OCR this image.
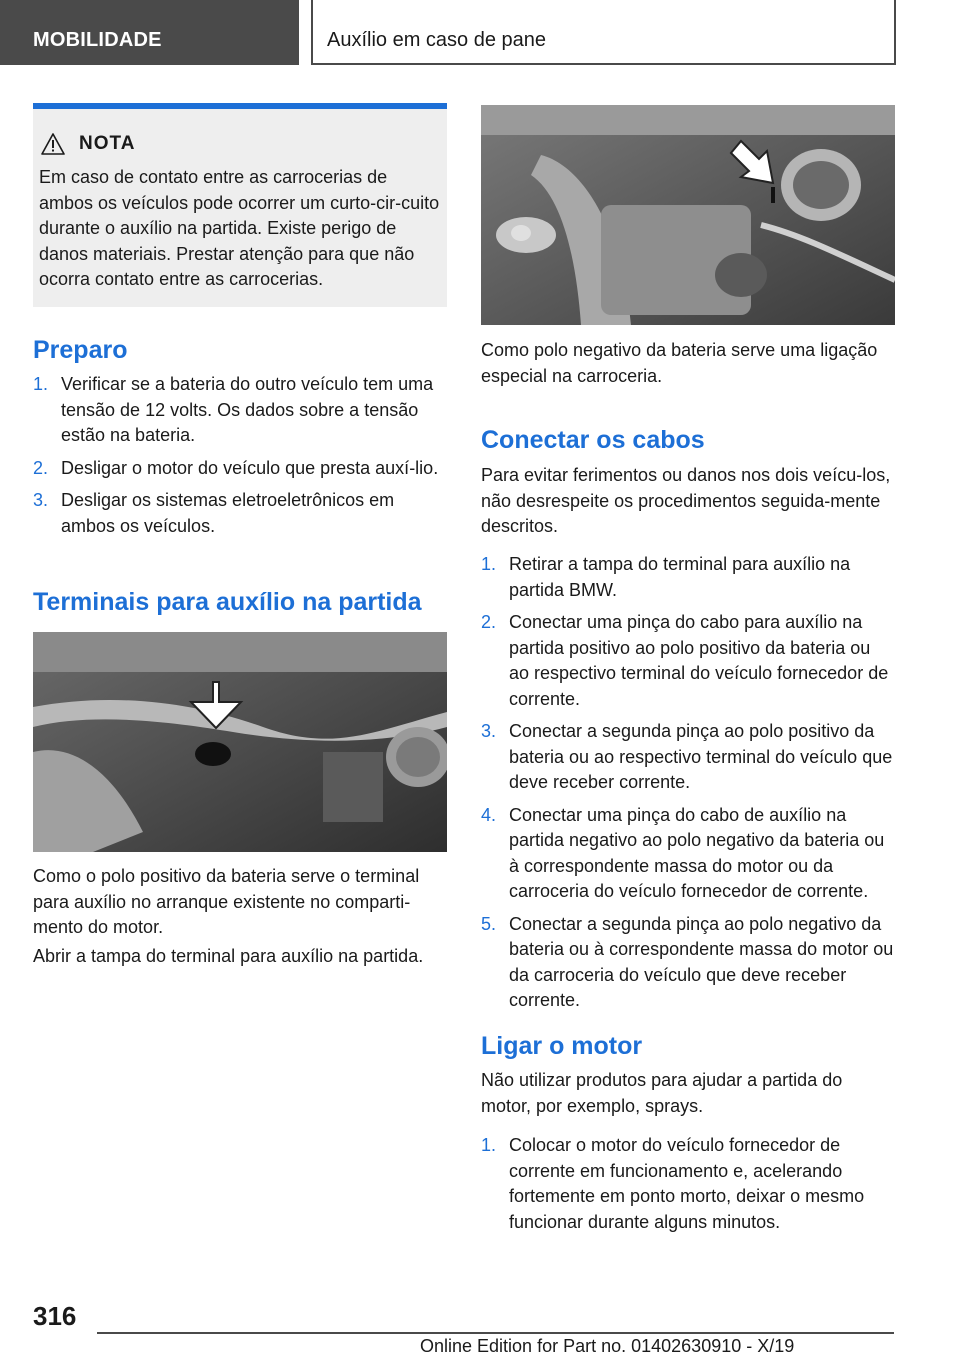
MOBILIDADE	Auxílio em caso de pane
NOTA
Em caso de contato entre as carrocerias de ambos os veículos pode ocorrer um curto-cir-cuito durante o auxílio na partida. Existe perigo de danos materiais. Prestar atenção para que não ocorra contato entre as carrocerias.
Preparo
1. Verificar se a bateria do outro veículo tem uma tensão de 12 volts. Os dados sobre a tensão estão na bateria.
2. Desligar o motor do veículo que presta auxí-lio.
3. Desligar os sistemas eletroeletrônicos em ambos os veículos.
Terminais para auxílio na partida
Como o polo positivo da bateria serve o terminal para auxílio no arranque existente no comparti-mento do motor.
Abrir a tampa do terminal para auxílio na partida.
Como polo negativo da bateria serve uma ligação especial na carroceria.
Conectar os cabos
Para evitar ferimentos ou danos nos dois veícu-los, não desrespeite os procedimentos seguida-mente descritos.
1. Retirar a tampa do terminal para auxílio na partida BMW.
2. Conectar uma pinça do cabo para auxílio na partida positivo ao polo positivo da bateria ou ao respectivo terminal do veículo fornecedor de corrente.
3. Conectar a segunda pinça ao polo positivo da bateria ou ao respectivo terminal do veículo que deve receber corrente.
4. Conectar uma pinça do cabo de auxílio na partida negativo ao polo negativo da bateria ou à correspondente massa do motor ou da carroceria do veículo fornecedor de corrente.
5. Conectar a segunda pinça ao polo negativo da bateria ou à correspondente massa do motor ou da carroceria do veículo que deve receber corrente.
Ligar o motor
Não utilizar produtos para ajudar a partida do motor, por exemplo, sprays.
1. Colocar o motor do veículo fornecedor de corrente em funcionamento e, acelerando fortemente em ponto morto, deixar o mesmo funcionar durante alguns minutos.
316
Online Edition for Part no. 01402630910 - X/19
